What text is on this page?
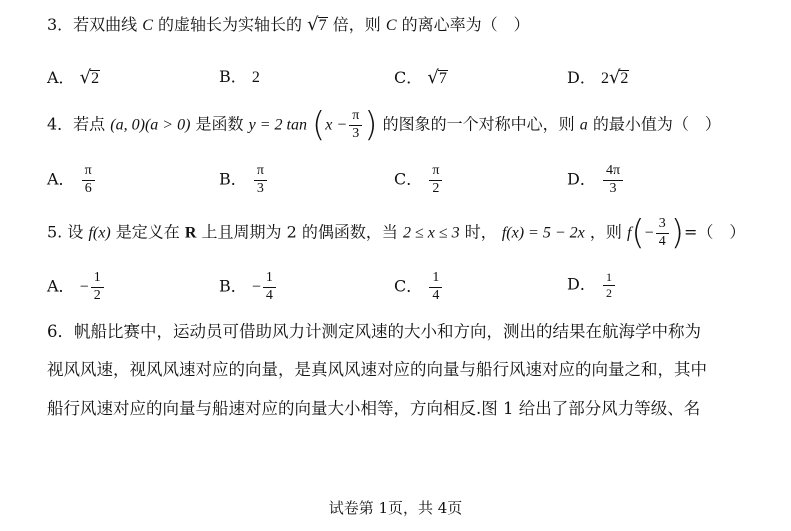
3．若双曲线 C 的虚轴长为实轴长的 √7 倍，则 C 的离心率为（　）
A． √2	B． 2	C． √7	D． 2√2
4．若点 (a, 0)(a > 0) 是函数 y = 2 $\tan (x - \frac{\pi}{3}$ ) 的图象的一个对称中心，则 a 的最小值为（　）
A． $\frac{\pi}{6}$	B． $\frac{\pi}{3}$	C． $\frac{\pi}{2}$	D． $\frac{4\pi}{3}$
5. 设 f(x) 是定义在 R 上且周期为 2 的偶函数，当 2 ≤ x ≤ 3 时， f(x) = 5 − 2x ，则 $f(- \frac{3}{4}$ )=（　）
A． − $\frac{1}{2}$	B． − $\frac{1}{4}$	C． $\frac{1}{4}$	D． $\frac{1}{2}$
6．帆船比赛中，运动员可借助风力计测定风速的大小和方向，测出的结果在航海学中称为
视风风速，视风风速对应的向量，是真风风速对应的向量与船行风速对应的向量之和，其中
船行风速对应的向量与船速对应的向量大小相等，方向相反.图 1 给出了部分风力等级、名
试卷第 1页，共 4页
